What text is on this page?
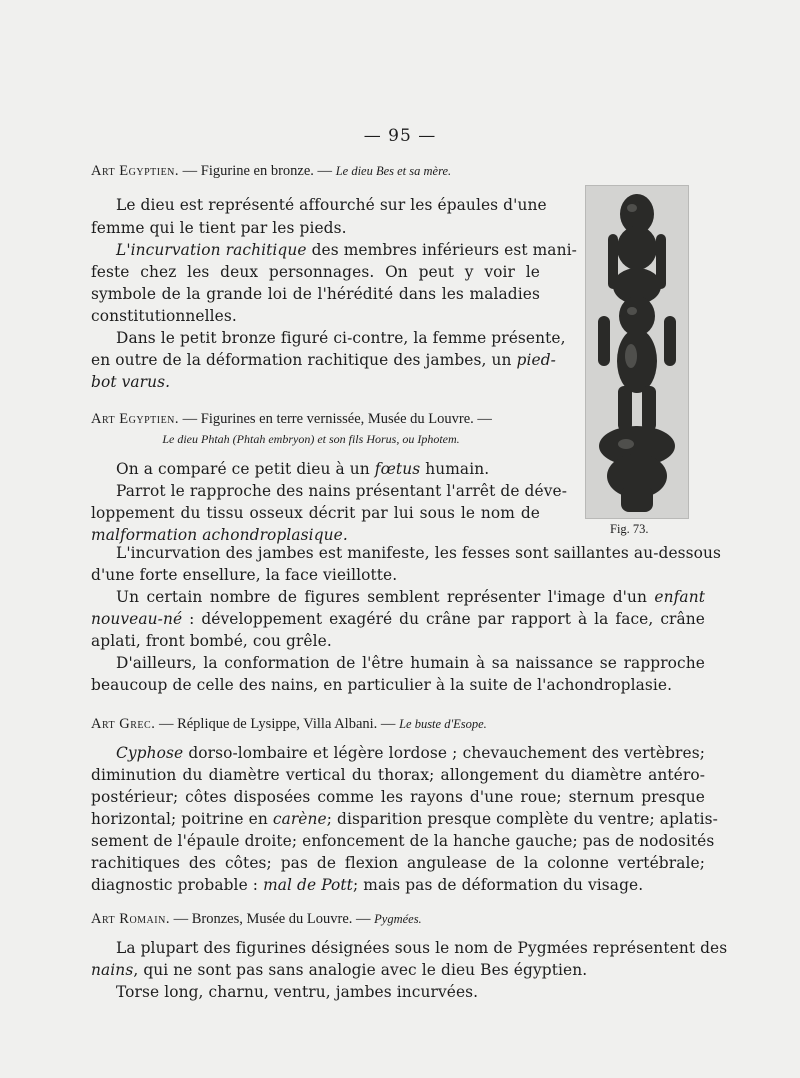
— 95 —
Art Egyptien. — Figurine en bronze. — Le dieu Bes et sa mère.
Le dieu est représenté affourché sur les épaules d'une
femme qui le tient par les pieds.
L'incurvation rachitique des membres inférieurs est mani-
feste chez les deux personnages. On peut y voir le
symbole de la grande loi de l'hérédité dans les maladies
constitutionnelles.
Dans le petit bronze figuré ci-contre, la femme présente,
en outre de la déformation rachitique des jambes, un pied-
bot varus.
Art Egyptien. — Figurines en terre vernissée, Musée du Louvre. —
Le dieu Phtah (Phtah embryon) et son fils Horus, ou Iphotem.
On a comparé ce petit dieu à un fœtus humain.
Parrot le rapproche des nains présentant l'arrêt de déve-
loppement du tissu osseux décrit par lui sous le nom de
malformation achondroplasique.	Fig. 73.
L'incurvation des jambes est manifeste, les fesses sont saillantes au-dessous
d'une forte ensellure, la face vieillotte.
Un certain nombre de figures semblent représenter l'image d'un enfant
nouveau-né : développement exagéré du crâne par rapport à la face, crâne
aplati, front bombé, cou grêle.
D'ailleurs, la conformation de l'être humain à sa naissance se rapproche
beaucoup de celle des nains, en particulier à la suite de l'achondroplasie.
Art Grec. — Réplique de Lysippe, Villa Albani. — Le buste d'Esope.
Cyphose dorso-lombaire et légère lordose ; chevauchement des vertèbres;
diminution du diamètre vertical du thorax; allongement du diamètre antéro-
postérieur; côtes disposées comme les rayons d'une roue; sternum presque
horizontal; poitrine en carène; disparition presque complète du ventre; aplatis-
sement de l'épaule droite; enfoncement de la hanche gauche; pas de nodosités
rachitiques des côtes; pas de flexion angulease de la colonne vertébrale;
diagnostic probable : mal de Pott; mais pas de déformation du visage.
Art Romain. — Bronzes, Musée du Louvre. — Pygmées.
La plupart des figurines désignées sous le nom de Pygmées représentent des
nains, qui ne sont pas sans analogie avec le dieu Bes égyptien.
Torse long, charnu, ventru, jambes incurvées.
